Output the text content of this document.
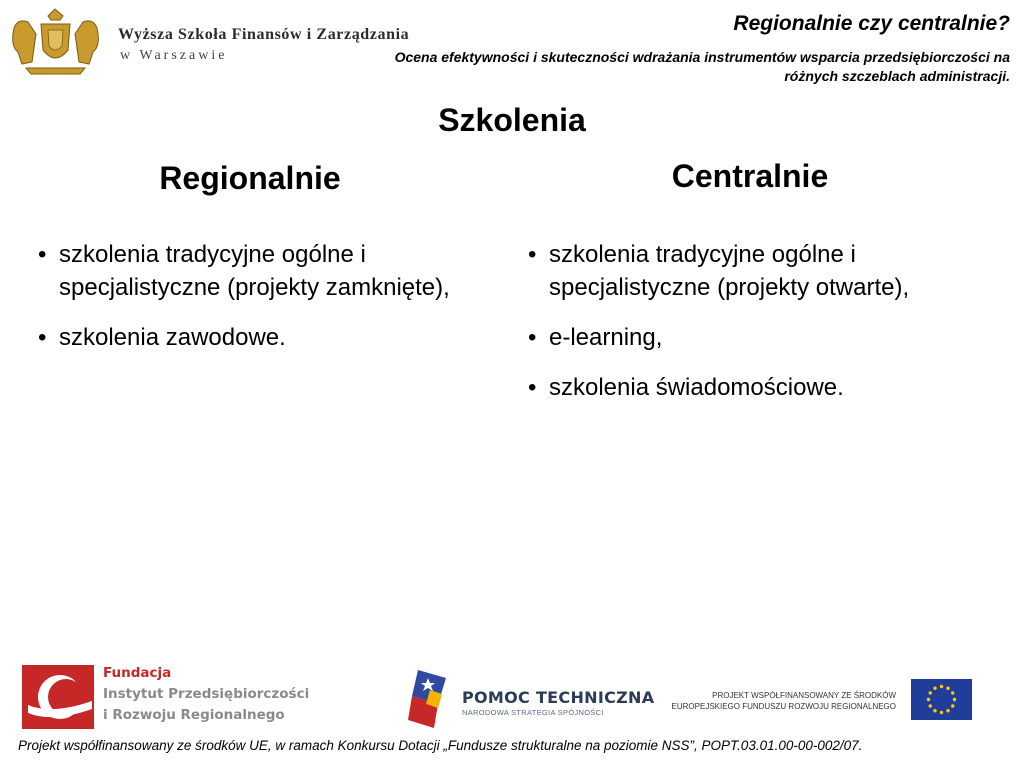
Wyższa Szkoła Finansów i Zarządzania
w Warszawie
Regionalnie czy centralnie?
Ocena efektywności i skuteczności wdrażania instrumentów wsparcia przedsiębiorczości na różnych szczeblach administracji.
Szkolenia
Regionalnie	Centralnie
• szkolenia tradycyjne ogólne i specjalistyczne (projekty zamknięte),
• szkolenia zawodowe.
• szkolenia tradycyjne ogólne i specjalistyczne (projekty otwarte),
• e-learning,
• szkolenia świadomościowe.
Fundacja
Instytut Przedsiębiorczości
i Rozwoju Regionalnego
POMOC TECHNICZNA
NARODOWA STRATEGIA SPÓJNOŚCI
PROJEKT WSPÓŁFINANSOWANY ZE ŚRODKÓW EUROPEJSKIEGO FUNDUSZU ROZWOJU REGIONALNEGO
Projekt współfinansowany ze środków UE, w ramach Konkursu Dotacji „Fundusze strukturalne na poziomie NSS”, POPT.03.01.00-00-002/07.
